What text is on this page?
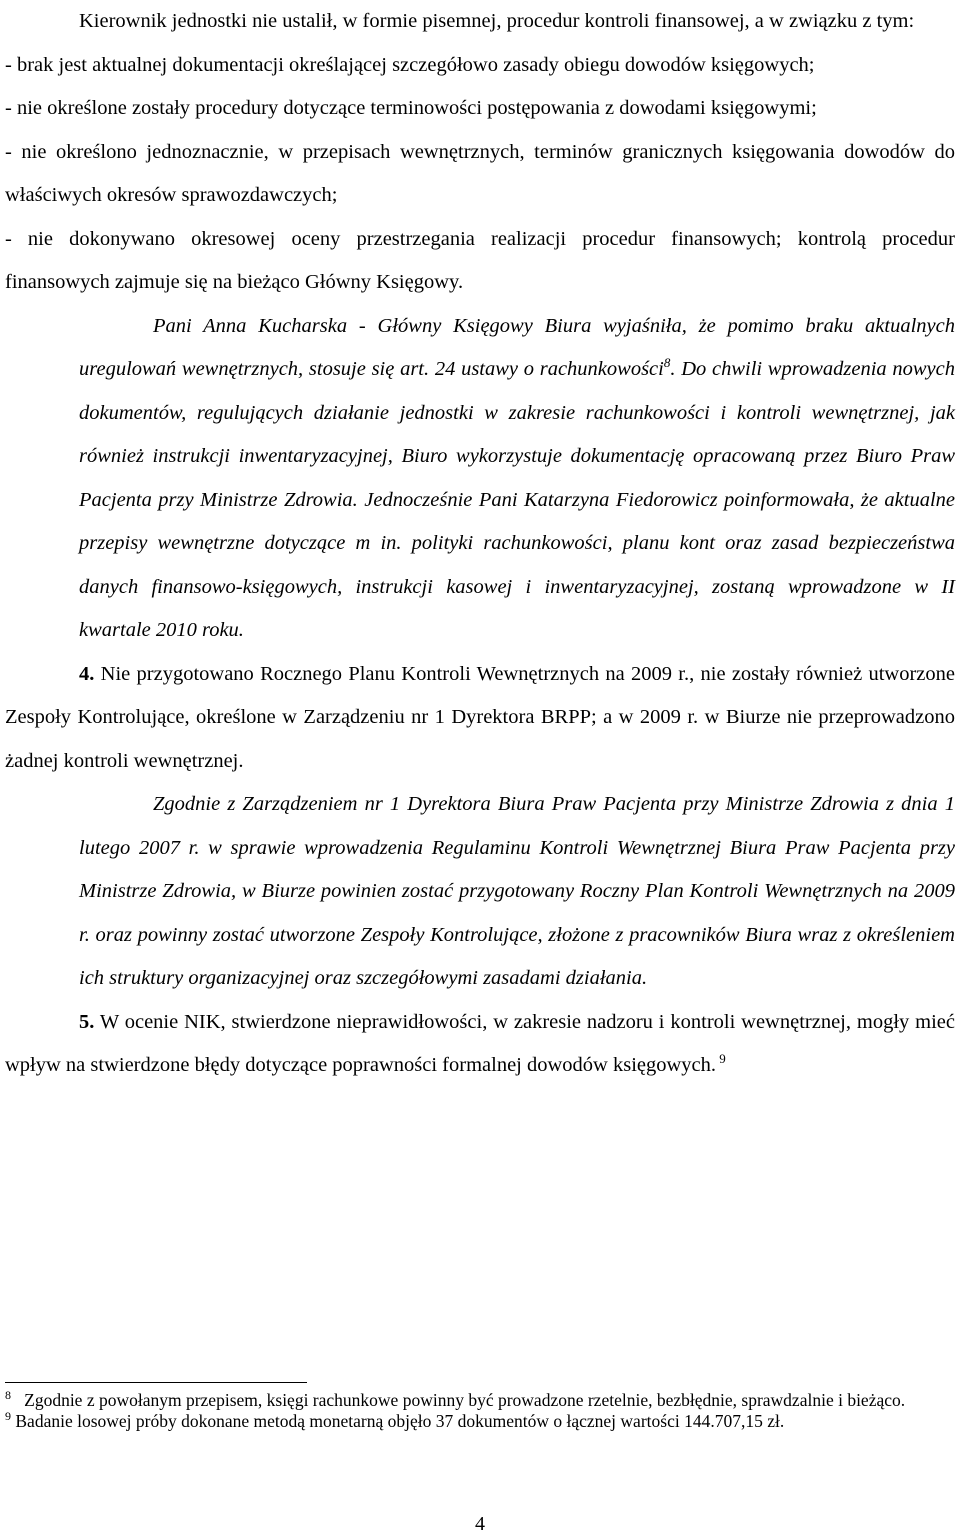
Kierownik jednostki nie ustalił, w formie pisemnej, procedur kontroli finansowej, a w związku z tym:

- brak jest aktualnej dokumentacji określającej szczegółowo zasady obiegu dowodów księgowych;

- nie określone zostały procedury dotyczące terminowości postępowania z dowodami księgowymi;

- nie określono jednoznacznie, w przepisach wewnętrznych, terminów granicznych księgowania dowodów do właściwych okresów sprawozdawczych;

- nie dokonywano okresowej oceny przestrzegania realizacji procedur finansowych; kontrolą procedur finansowych zajmuje się na bieżąco Główny Księgowy.

Pani Anna Kucharska - Główny Księgowy Biura wyjaśniła, że pomimo braku aktualnych uregulowań wewnętrznych, stosuje się art. 24 ustawy o rachunkowości$^8$. Do chwili wprowadzenia nowych dokumentów, regulujących działanie jednostki w zakresie rachunkowości i kontroli wewnętrznej, jak również instrukcji inwentaryzacyjnej, Biuro wykorzystuje dokumentację opracowaną przez Biuro Praw Pacjenta przy Ministrze Zdrowia. Jednocześnie Pani Katarzyna Fiedorowicz poinformowała, że aktualne przepisy wewnętrzne dotyczące m in. polityki rachunkowości, planu kont oraz zasad bezpieczeństwa danych finansowo-księgowych, instrukcji kasowej i inwentaryzacyjnej, zostaną wprowadzone w II kwartale 2010 roku.

4. Nie przygotowano Rocznego Planu Kontroli Wewnętrznych na 2009 r., nie zostały również utworzone Zespoły Kontrolujące, określone w Zarządzeniu nr 1 Dyrektora BRPP; a w 2009 r. w Biurze nie przeprowadzono żadnej kontroli wewnętrznej.

Zgodnie z Zarządzeniem nr 1 Dyrektora Biura Praw Pacjenta przy Ministrze Zdrowia z dnia 1 lutego 2007 r. w sprawie wprowadzenia Regulaminu Kontroli Wewnętrznej Biura Praw Pacjenta przy Ministrze Zdrowia, w Biurze powinien zostać przygotowany Roczny Plan Kontroli Wewnętrznych na 2009 r. oraz powinny zostać utworzone Zespoły Kontrolujące, złożone z pracowników Biura wraz z określeniem ich struktury organizacyjnej oraz szczegółowymi zasadami działania.

5. W ocenie NIK, stwierdzone nieprawidłowości, w zakresie nadzoru i kontroli wewnętrznej, mogły mieć wpływ na stwierdzone błędy dotyczące poprawności formalnej dowodów księgowych. $^9$

$^8$ Zgodnie z powołanym przepisem, księgi rachunkowe powinny być prowadzone rzetelnie, bezbłędnie, sprawdzalnie i bieżąco.

$^9$ Badanie losowej próby dokonane metodą monetarną objęło 37 dokumentów o łącznej wartości 144.707,15 zł.

4
